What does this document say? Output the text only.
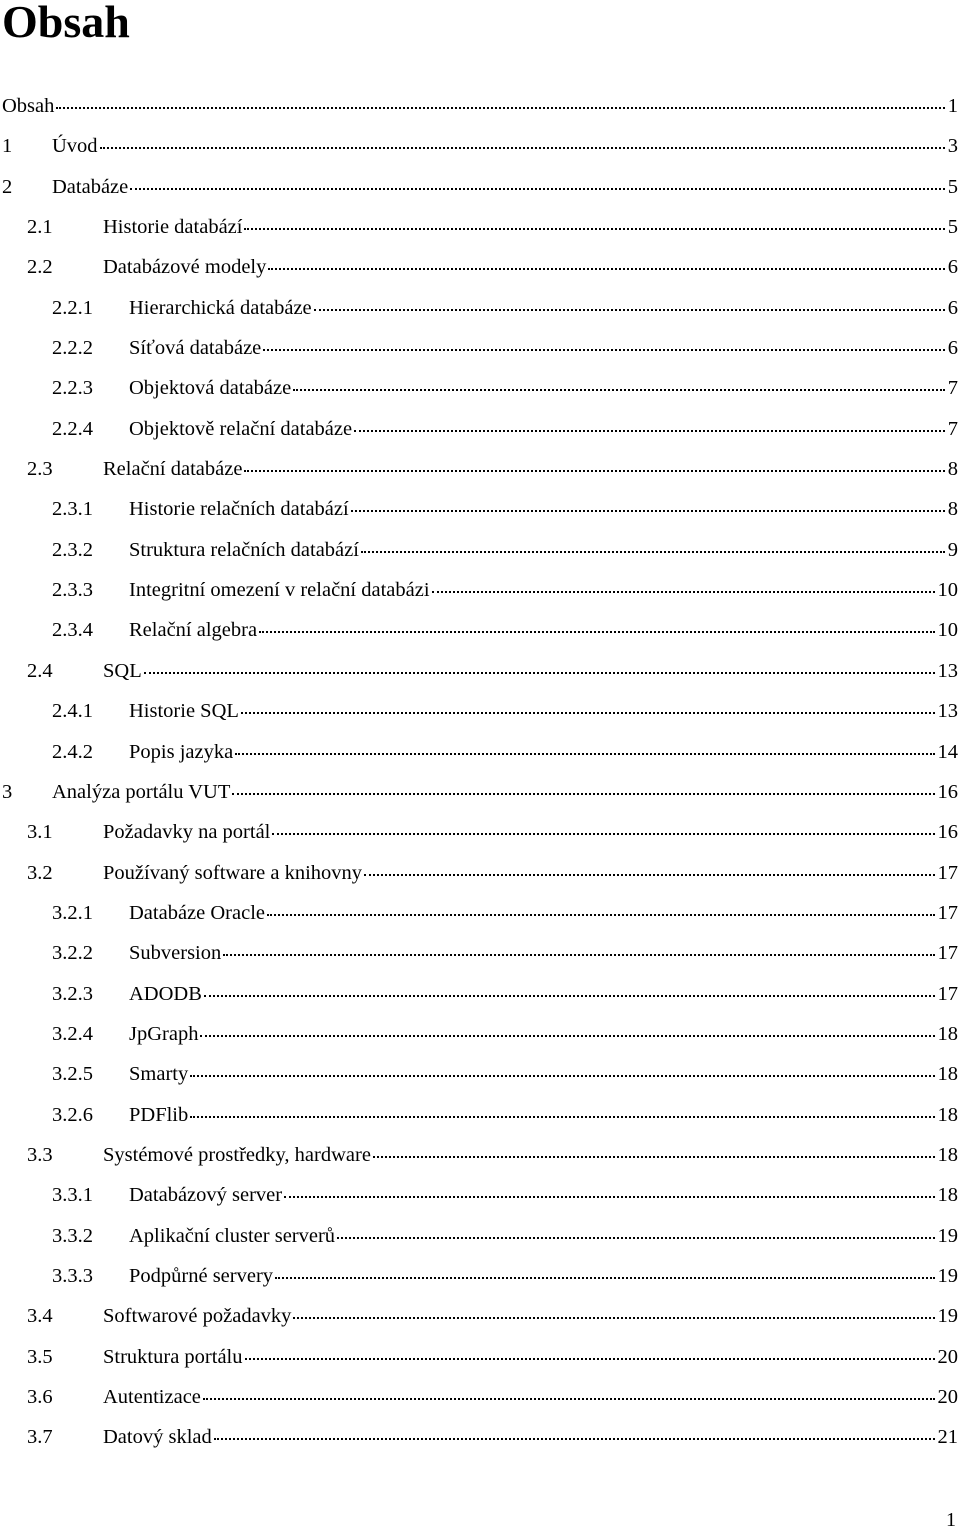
Obsah
Obsah	1
1	Úvod	3
2	Databáze	5
2.1	Historie databází	5
2.2	Databázové modely	6
2.2.1	Hierarchická databáze	6
2.2.2	Síťová databáze	6
2.2.3	Objektová databáze	7
2.2.4	Objektově relační databáze	7
2.3	Relační databáze	8
2.3.1	Historie relačních databází	8
2.3.2	Struktura relačních databází	9
2.3.3	Integritní omezení v relační databázi	10
2.3.4	Relační algebra	10
2.4	SQL	13
2.4.1	Historie SQL	13
2.4.2	Popis jazyka	14
3	Analýza portálu VUT	16
3.1	Požadavky na portál	16
3.2	Používaný software a knihovny	17
3.2.1	Databáze Oracle	17
3.2.2	Subversion	17
3.2.3	ADODB	17
3.2.4	JpGraph	18
3.2.5	Smarty	18
3.2.6	PDFlib	18
3.3	Systémové prostředky, hardware	18
3.3.1	Databázový server	18
3.3.2	Aplikační cluster serverů	19
3.3.3	Podpůrné servery	19
3.4	Softwarové požadavky	19
3.5	Struktura portálu	20
3.6	Autentizace	20
3.7	Datový sklad	21
1
